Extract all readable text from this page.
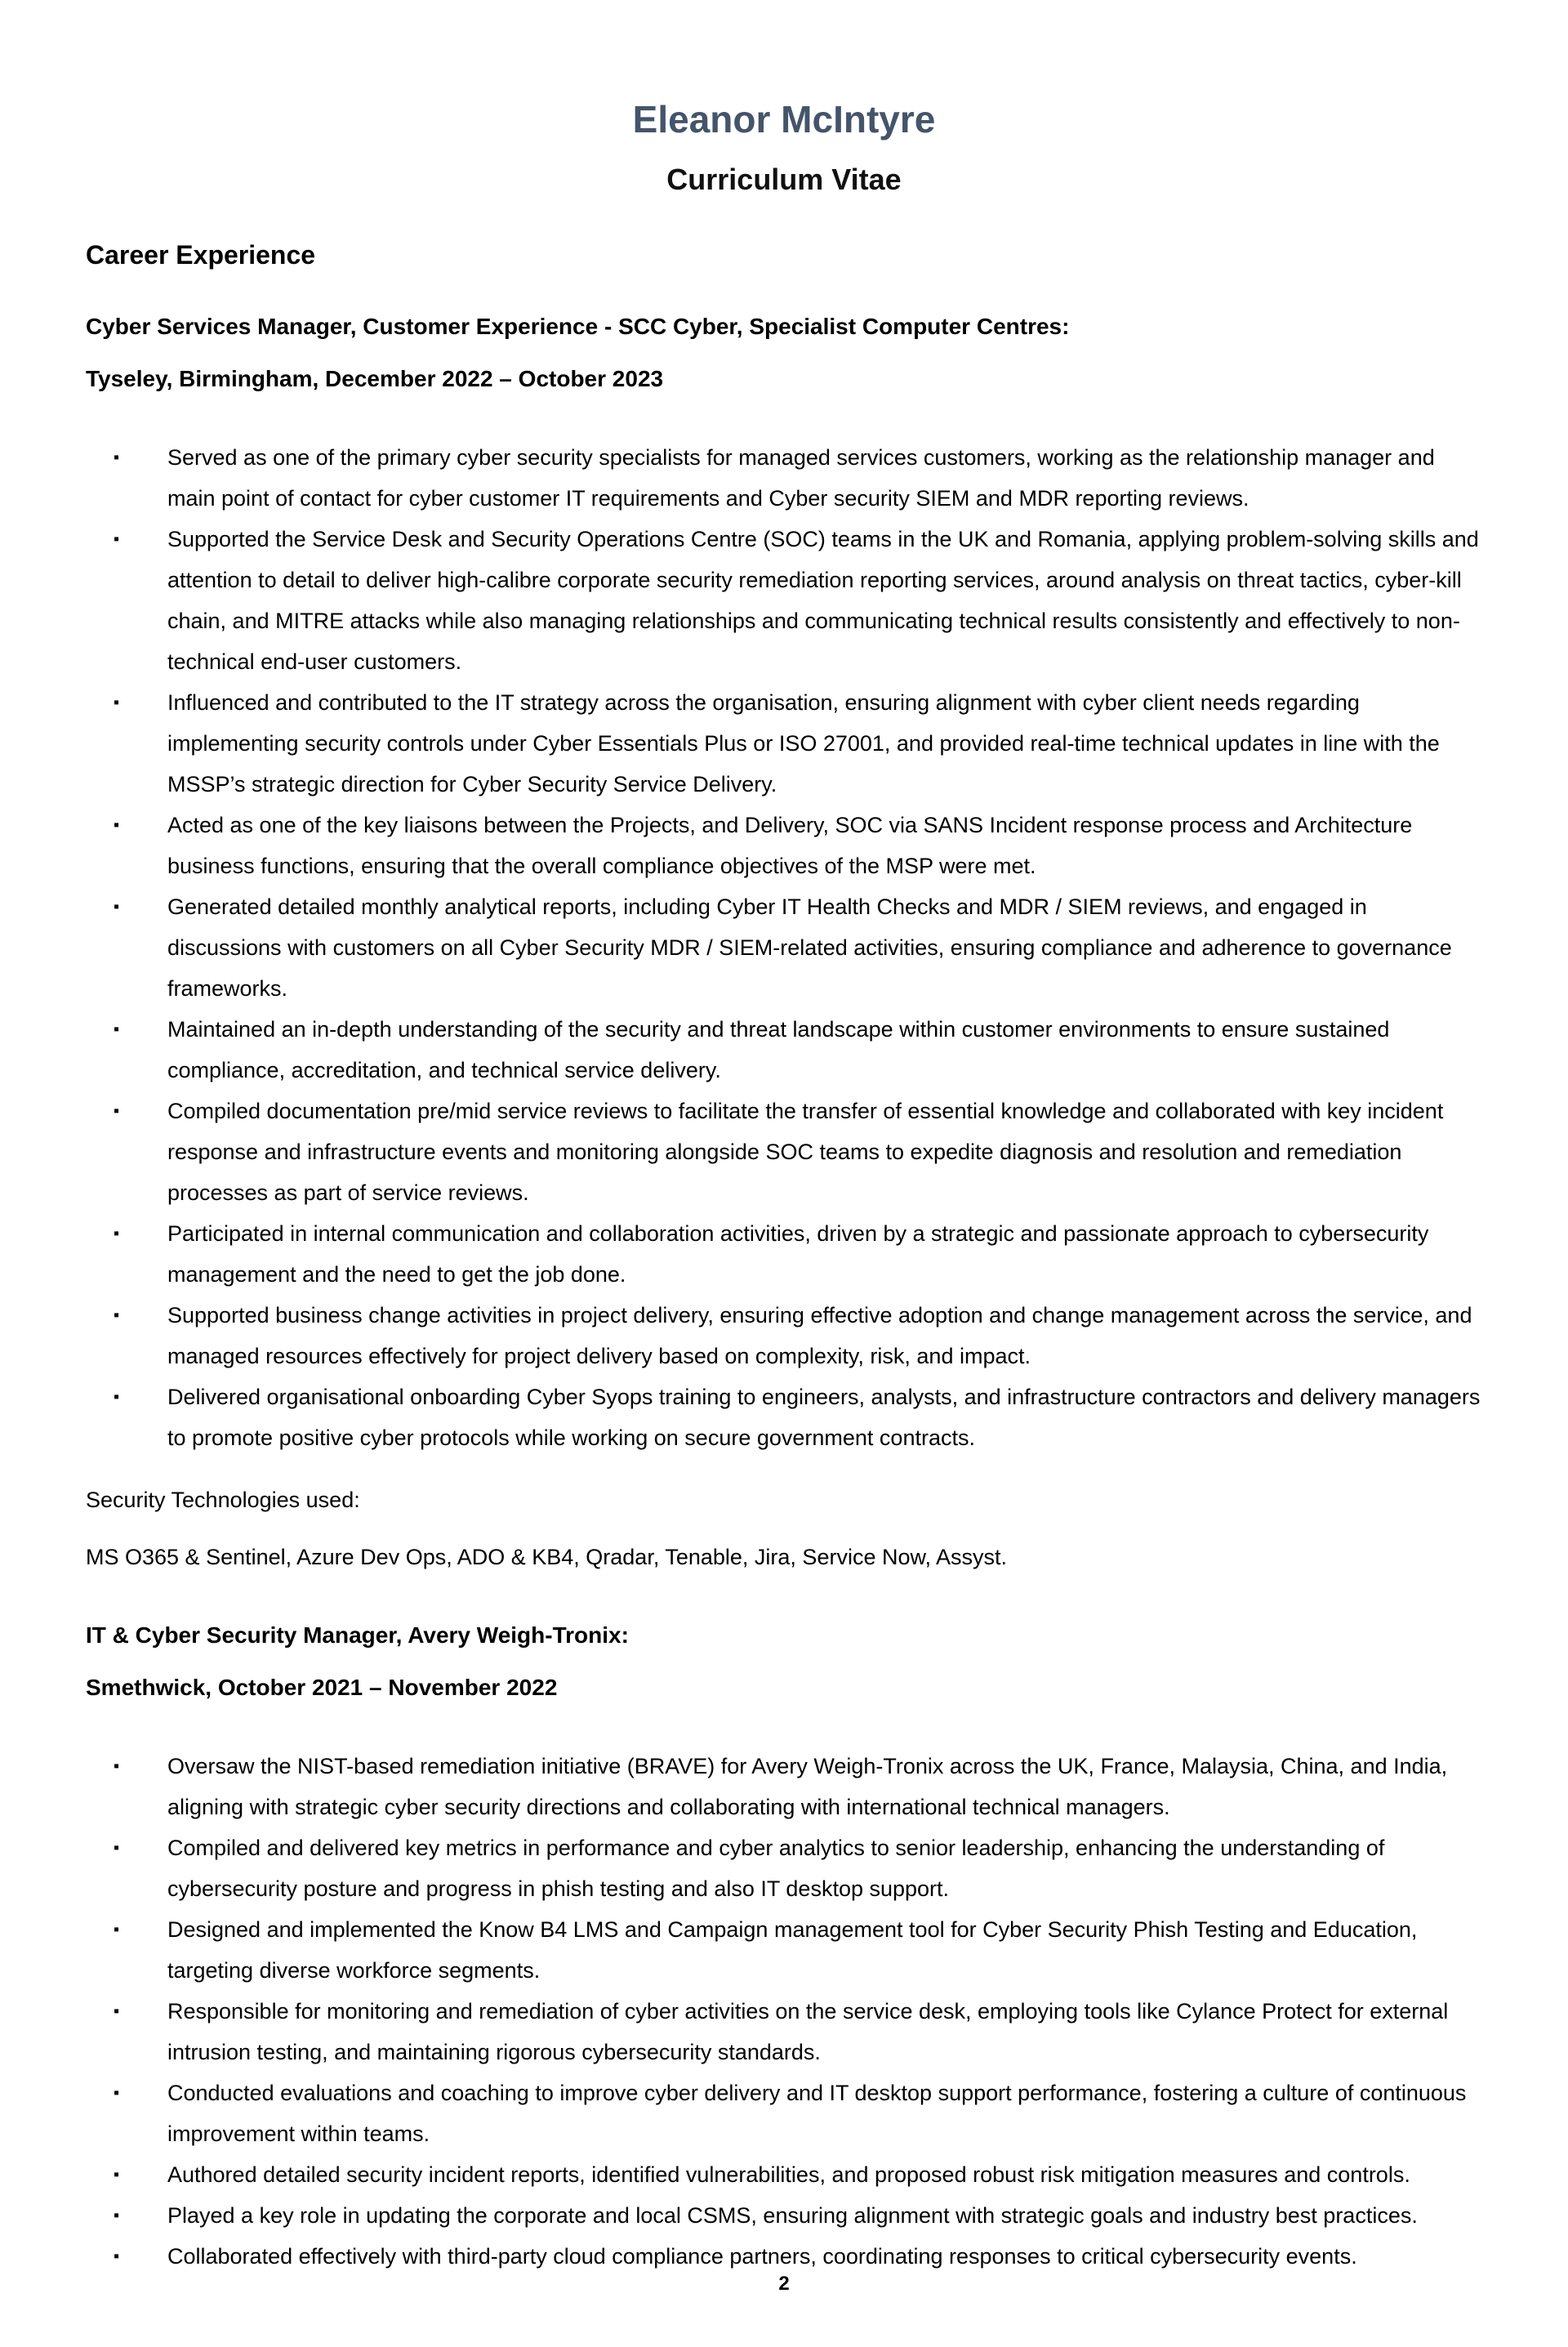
Eleanor McIntyre
Curriculum Vitae
Career Experience

Cyber Services Manager, Customer Experience - SCC Cyber, Specialist Computer Centres:

Tyseley, Birmingham, December 2022 – October 2023

▪ Served as one of the primary cyber security specialists for managed services customers, working as the relationship manager and main point of contact for cyber customer IT requirements and Cyber security SIEM and MDR reporting reviews.
▪ Supported the Service Desk and Security Operations Centre (SOC) teams in the UK and Romania, applying problem-solving skills and attention to detail to deliver high-calibre corporate security remediation reporting services, around analysis on threat tactics, cyber-kill chain, and MITRE attacks while also managing relationships and communicating technical results consistently and effectively to non-technical end-user customers.
▪ Influenced and contributed to the IT strategy across the organisation, ensuring alignment with cyber client needs regarding implementing security controls under Cyber Essentials Plus or ISO 27001, and provided real-time technical updates in line with the MSSP’s strategic direction for Cyber Security Service Delivery.
▪ Acted as one of the key liaisons between the Projects, and Delivery, SOC via SANS Incident response process and Architecture business functions, ensuring that the overall compliance objectives of the MSP were met.
▪ Generated detailed monthly analytical reports, including Cyber IT Health Checks and MDR / SIEM reviews, and engaged in discussions with customers on all Cyber Security MDR / SIEM-related activities, ensuring compliance and adherence to governance frameworks.
▪ Maintained an in-depth understanding of the security and threat landscape within customer environments to ensure sustained compliance, accreditation, and technical service delivery.
▪ Compiled documentation pre/mid service reviews to facilitate the transfer of essential knowledge and collaborated with key incident response and infrastructure events and monitoring alongside SOC teams to expedite diagnosis and resolution and remediation processes as part of service reviews.
▪ Participated in internal communication and collaboration activities, driven by a strategic and passionate approach to cybersecurity management and the need to get the job done.
▪ Supported business change activities in project delivery, ensuring effective adoption and change management across the service, and managed resources effectively for project delivery based on complexity, risk, and impact.
▪ Delivered organisational onboarding Cyber Syops training to engineers, analysts, and infrastructure contractors and delivery managers to promote positive cyber protocols while working on secure government contracts.

Security Technologies used:

MS O365 & Sentinel, Azure Dev Ops, ADO & KB4, Qradar, Tenable, Jira, Service Now, Assyst.

IT & Cyber Security Manager, Avery Weigh-Tronix:

Smethwick, October 2021 – November 2022

▪ Oversaw the NIST-based remediation initiative (BRAVE) for Avery Weigh-Tronix across the UK, France, Malaysia, China, and India, aligning with strategic cyber security directions and collaborating with international technical managers.
▪ Compiled and delivered key metrics in performance and cyber analytics to senior leadership, enhancing the understanding of cybersecurity posture and progress in phish testing and also IT desktop support.
▪ Designed and implemented the Know B4 LMS and Campaign management tool for Cyber Security Phish Testing and Education, targeting diverse workforce segments.
▪ Responsible for monitoring and remediation of cyber activities on the service desk, employing tools like Cylance Protect for external intrusion testing, and maintaining rigorous cybersecurity standards.
▪ Conducted evaluations and coaching to improve cyber delivery and IT desktop support performance, fostering a culture of continuous improvement within teams.
▪ Authored detailed security incident reports, identified vulnerabilities, and proposed robust risk mitigation measures and controls.
▪ Played a key role in updating the corporate and local CSMS, ensuring alignment with strategic goals and industry best practices.
▪ Collaborated effectively with third-party cloud compliance partners, coordinating responses to critical cybersecurity events.
2
